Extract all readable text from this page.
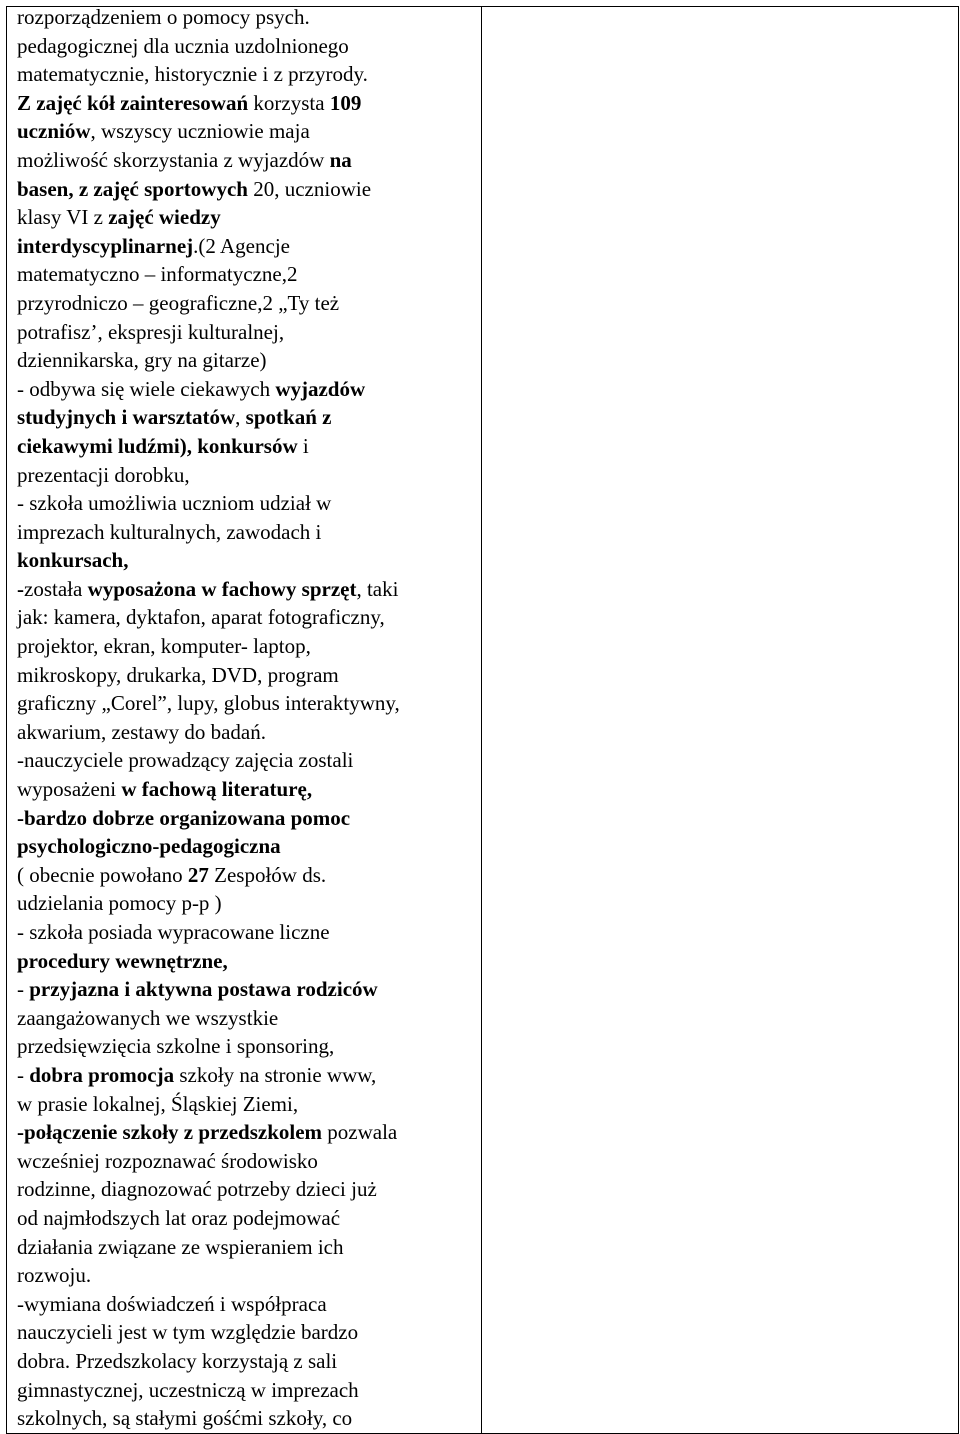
rozporządzeniem o pomocy psych.
pedagogicznej dla ucznia uzdolnionego
matematycznie, historycznie i z przyrody.
Z zajęć kół zainteresowań korzysta 109
uczniów, wszyscy uczniowie maja
możliwość skorzystania z wyjazdów na
basen, z zajęć sportowych 20, uczniowie
klasy VI z zajęć wiedzy
interdyscyplinarnej.(2 Agencje
matematyczno – informatyczne,2
przyrodniczo – geograficzne,2 „Ty też
potrafisz’, ekspresji kulturalnej,
dziennikarska, gry na gitarze)
- odbywa się wiele ciekawych wyjazdów
studyjnych i warsztatów, spotkań z
ciekawymi ludźmi), konkursów i
prezentacji dorobku,
- szkoła umożliwia uczniom udział w
imprezach kulturalnych, zawodach i
konkursach,
-została wyposażona w fachowy sprzęt, taki
jak: kamera, dyktafon, aparat fotograficzny,
projektor, ekran, komputer- laptop,
mikroskopy, drukarka, DVD, program
graficzny „Corel”, lupy, globus interaktywny,
akwarium, zestawy do badań.
-nauczyciele prowadzący zajęcia zostali
wyposażeni w fachową literaturę,
-bardzo dobrze organizowana pomoc
psychologiczno-pedagogiczna
( obecnie powołano 27 Zespołów ds.
udzielania pomocy p-p )
- szkoła posiada wypracowane liczne
procedury wewnętrzne,
- przyjazna i aktywna postawa rodziców
zaangażowanych we wszystkie
przedsięwzięcia szkolne i sponsoring,
- dobra promocja szkoły na stronie www,
w prasie lokalnej, Śląskiej Ziemi,
-połączenie szkoły z przedszkolem pozwala
wcześniej rozpoznawać środowisko
rodzinne, diagnozować potrzeby dzieci już
od najmłodszych lat oraz podejmować
działania związane ze wspieraniem ich
rozwoju.
-wymiana doświadczeń i współpraca
nauczycieli jest w tym względzie bardzo
dobra. Przedszkolacy korzystają z sali
gimnastycznej, uczestniczą w imprezach
szkolnych, są stałymi gośćmi szkoły, co
